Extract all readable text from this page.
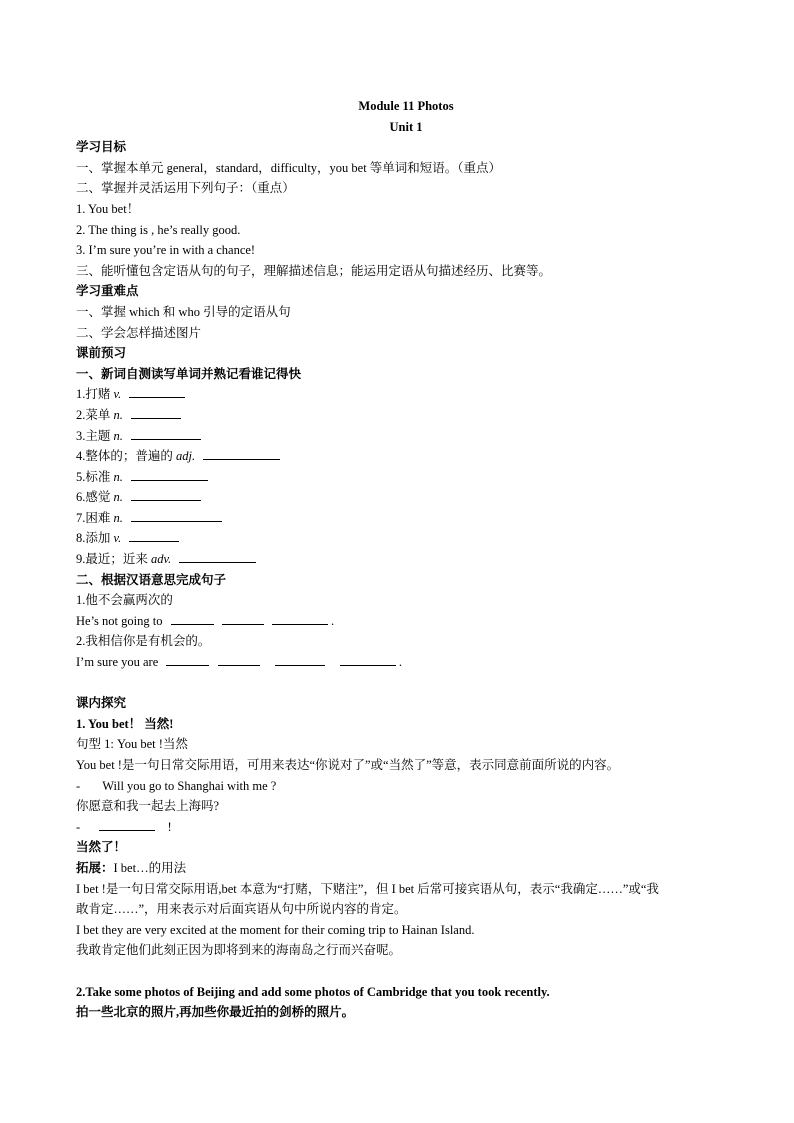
Module 11 Photos
Unit 1
学习目标
一、掌握本单元 general，standard，difficulty，you bet 等单词和短语。（重点）
二、掌握并灵活运用下列句子：（重点）
1. You bet！
2. The thing is , he’s really good.
3. I’m sure you’re in with a chance!
三、能听懂包含定语从句的句子，理解描述信息；能运用定语从句描述经历、比赛等。
学习重难点
一、掌握 which 和 who 引导的定语从句
二、学会怎样描述图片
课前预习
一、新词自测读写单词并熟记看谁记得快
1.打赌 v.
2.菜单 n.
3.主题 n.
4.整体的；普遍的 adj.
5.标准 n.
6.感觉 n.
7.困难 n.
8.添加 v.
9.最近；近来 adv.
二、根据汉语意思完成句子
1.他不会赢两次的
He’s not going to	.
2.我相信你是有机会的。
I’m sure you are	.
课内探究
1. You bet！ 当然!
句型 1: You bet !当然
You bet !是一句日常交际用语，可用来表达“你说对了”或“当然了”等意，表示同意前面所说的内容。
- Will you go to Shanghai with me ?
你愿意和我一起去上海吗?
-	!
当然了！
拓展：I bet…的用法
I bet !是一句日常交际用语,bet 本意为“打赌，下赌注”，但 I bet 后常可接宾语从句，表示“我确定……”或“我
敢肯定……”，用来表示对后面宾语从句中所说内容的肯定。
I bet they are very excited at the moment for their coming trip to Hainan Island.
我敢肯定他们此刻正因为即将到来的海南岛之行而兴奋呢。
2.Take some photos of Beijing and add some photos of Cambridge that you took recently.
拍一些北京的照片,再加些你最近拍的剑桥的照片。
